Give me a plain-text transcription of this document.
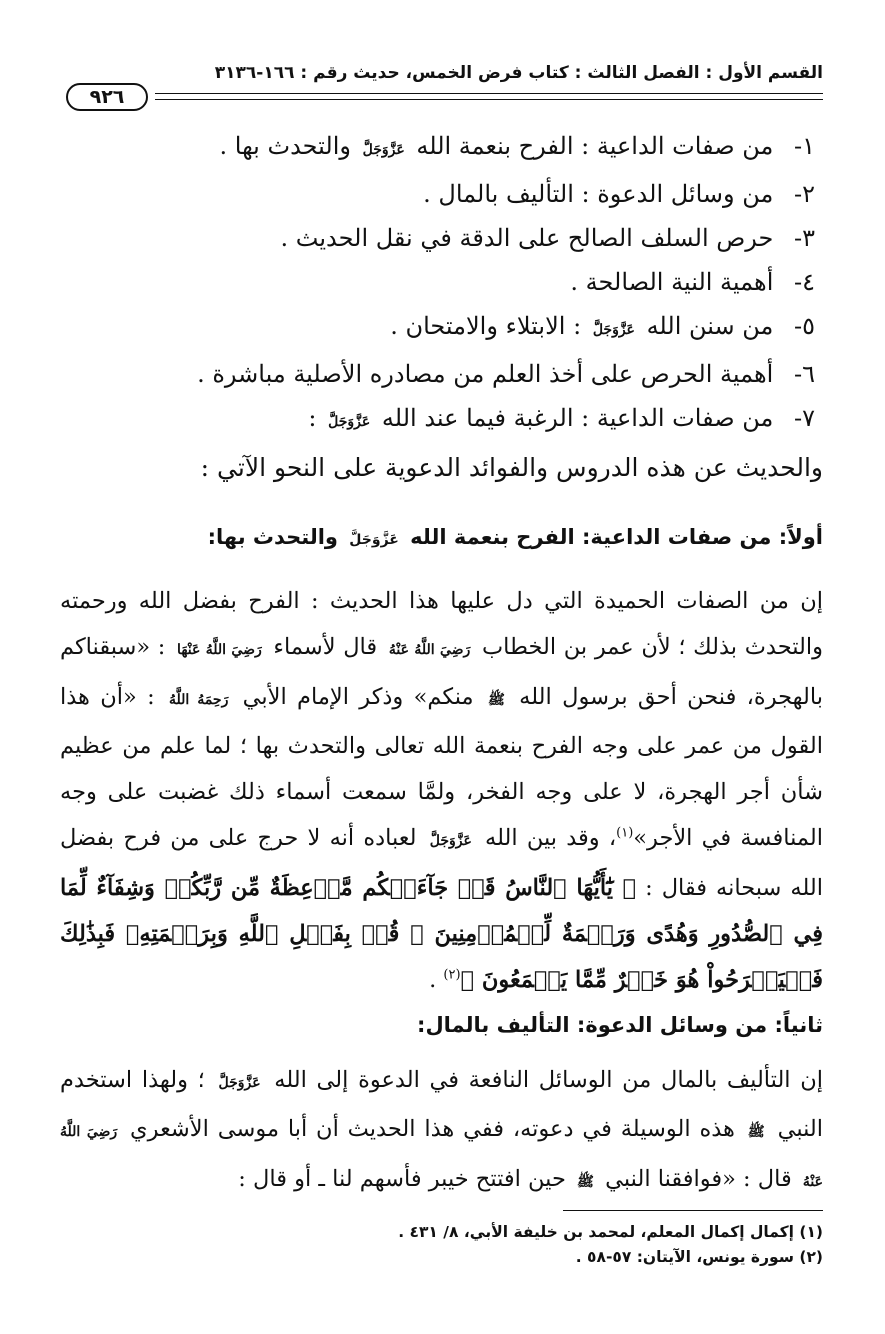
القسم الأول : الفصل الثالث : كتاب فرض الخمس، حديث رقم : ١٦٦-٣١٣٦
٩٢٦
١- من صفات الداعية : الفرح بنعمة الله عَزَّوَجَلَّ والتحدث بها .
٢- من وسائل الدعوة : التأليف بالمال .
٣- حرص السلف الصالح على الدقة في نقل الحديث .
٤- أهمية النية الصالحة .
٥- من سنن الله عَزَّوَجَلَّ : الابتلاء والامتحان .
٦- أهمية الحرص على أخذ العلم من مصادره الأصلية مباشرة .
٧- من صفات الداعية : الرغبة فيما عند الله عَزَّوَجَلَّ :
والحديث عن هذه الدروس والفوائد الدعوية على النحو الآتي :
أولاً: من صفات الداعية: الفرح بنعمة الله عَزَّوَجَلَّ والتحدث بها:

إن من الصفات الحميدة التي دل عليها هذا الحديث : الفرح بفضل الله ورحمته والتحدث بذلك ؛ لأن عمر بن الخطاب رَضِيَ اللَّهُ عَنْهُ قال لأسماء رَضِيَ اللَّهُ عَنْهَا : «سبقناكم بالهجرة، فنحن أحق برسول الله ﷺ منكم» وذكر الإمام الأبي رَحِمَهُ اللَّهُ : «أن هذا القول من عمر على وجه الفرح بنعمة الله تعالى والتحدث بها ؛ لما علم من عظيم شأن أجر الهجرة، لا على وجه الفخر، ولمَّا سمعت أسماء ذلك غضبت على وجه المنافسة في الأجر»$^{(١)}$، وقد بين الله عَزَّوَجَلَّ لعباده أنه لا حرج على من فرح بفضل الله سبحانه فقال : ﴿ يَٰٓأَيُّهَا ٱلنَّاسُ قَدۡ جَآءَتۡكُم مَّوۡعِظَةٌ مِّن رَّبِّكُمۡ وَشِفَآءٌ لِّمَا فِي ٱلصُّدُورِ وَهُدًى وَرَحۡمَةٌ لِّلۡمُؤۡمِنِينَ ۞ قُلۡ بِفَضۡلِ ٱللَّهِ وَبِرَحۡمَتِهِۦ فَبِذَٰلِكَ فَلۡيَفۡرَحُواْ هُوَ خَيۡرٌ مِّمَّا يَجۡمَعُونَ ﴾$^{(٢)}$ .

ثانياً: من وسائل الدعوة: التأليف بالمال:

إن التأليف بالمال من الوسائل النافعة في الدعوة إلى الله عَزَّوَجَلَّ ؛ ولهذا استخدم النبي ﷺ هذه الوسيلة في دعوته، ففي هذا الحديث أن أبا موسى الأشعري رَضِيَ اللَّهُ عَنْهُ قال : «فوافقنا النبي ﷺ حين افتتح خيبر فأسهم لنا ـ أو قال :

(١) إكمال إكمال المعلم، لمحمد بن خليفة الأبي، ٨/ ٤٣١ .
(٢) سورة يونس، الآيتان: ٥٧-٥٨ .
